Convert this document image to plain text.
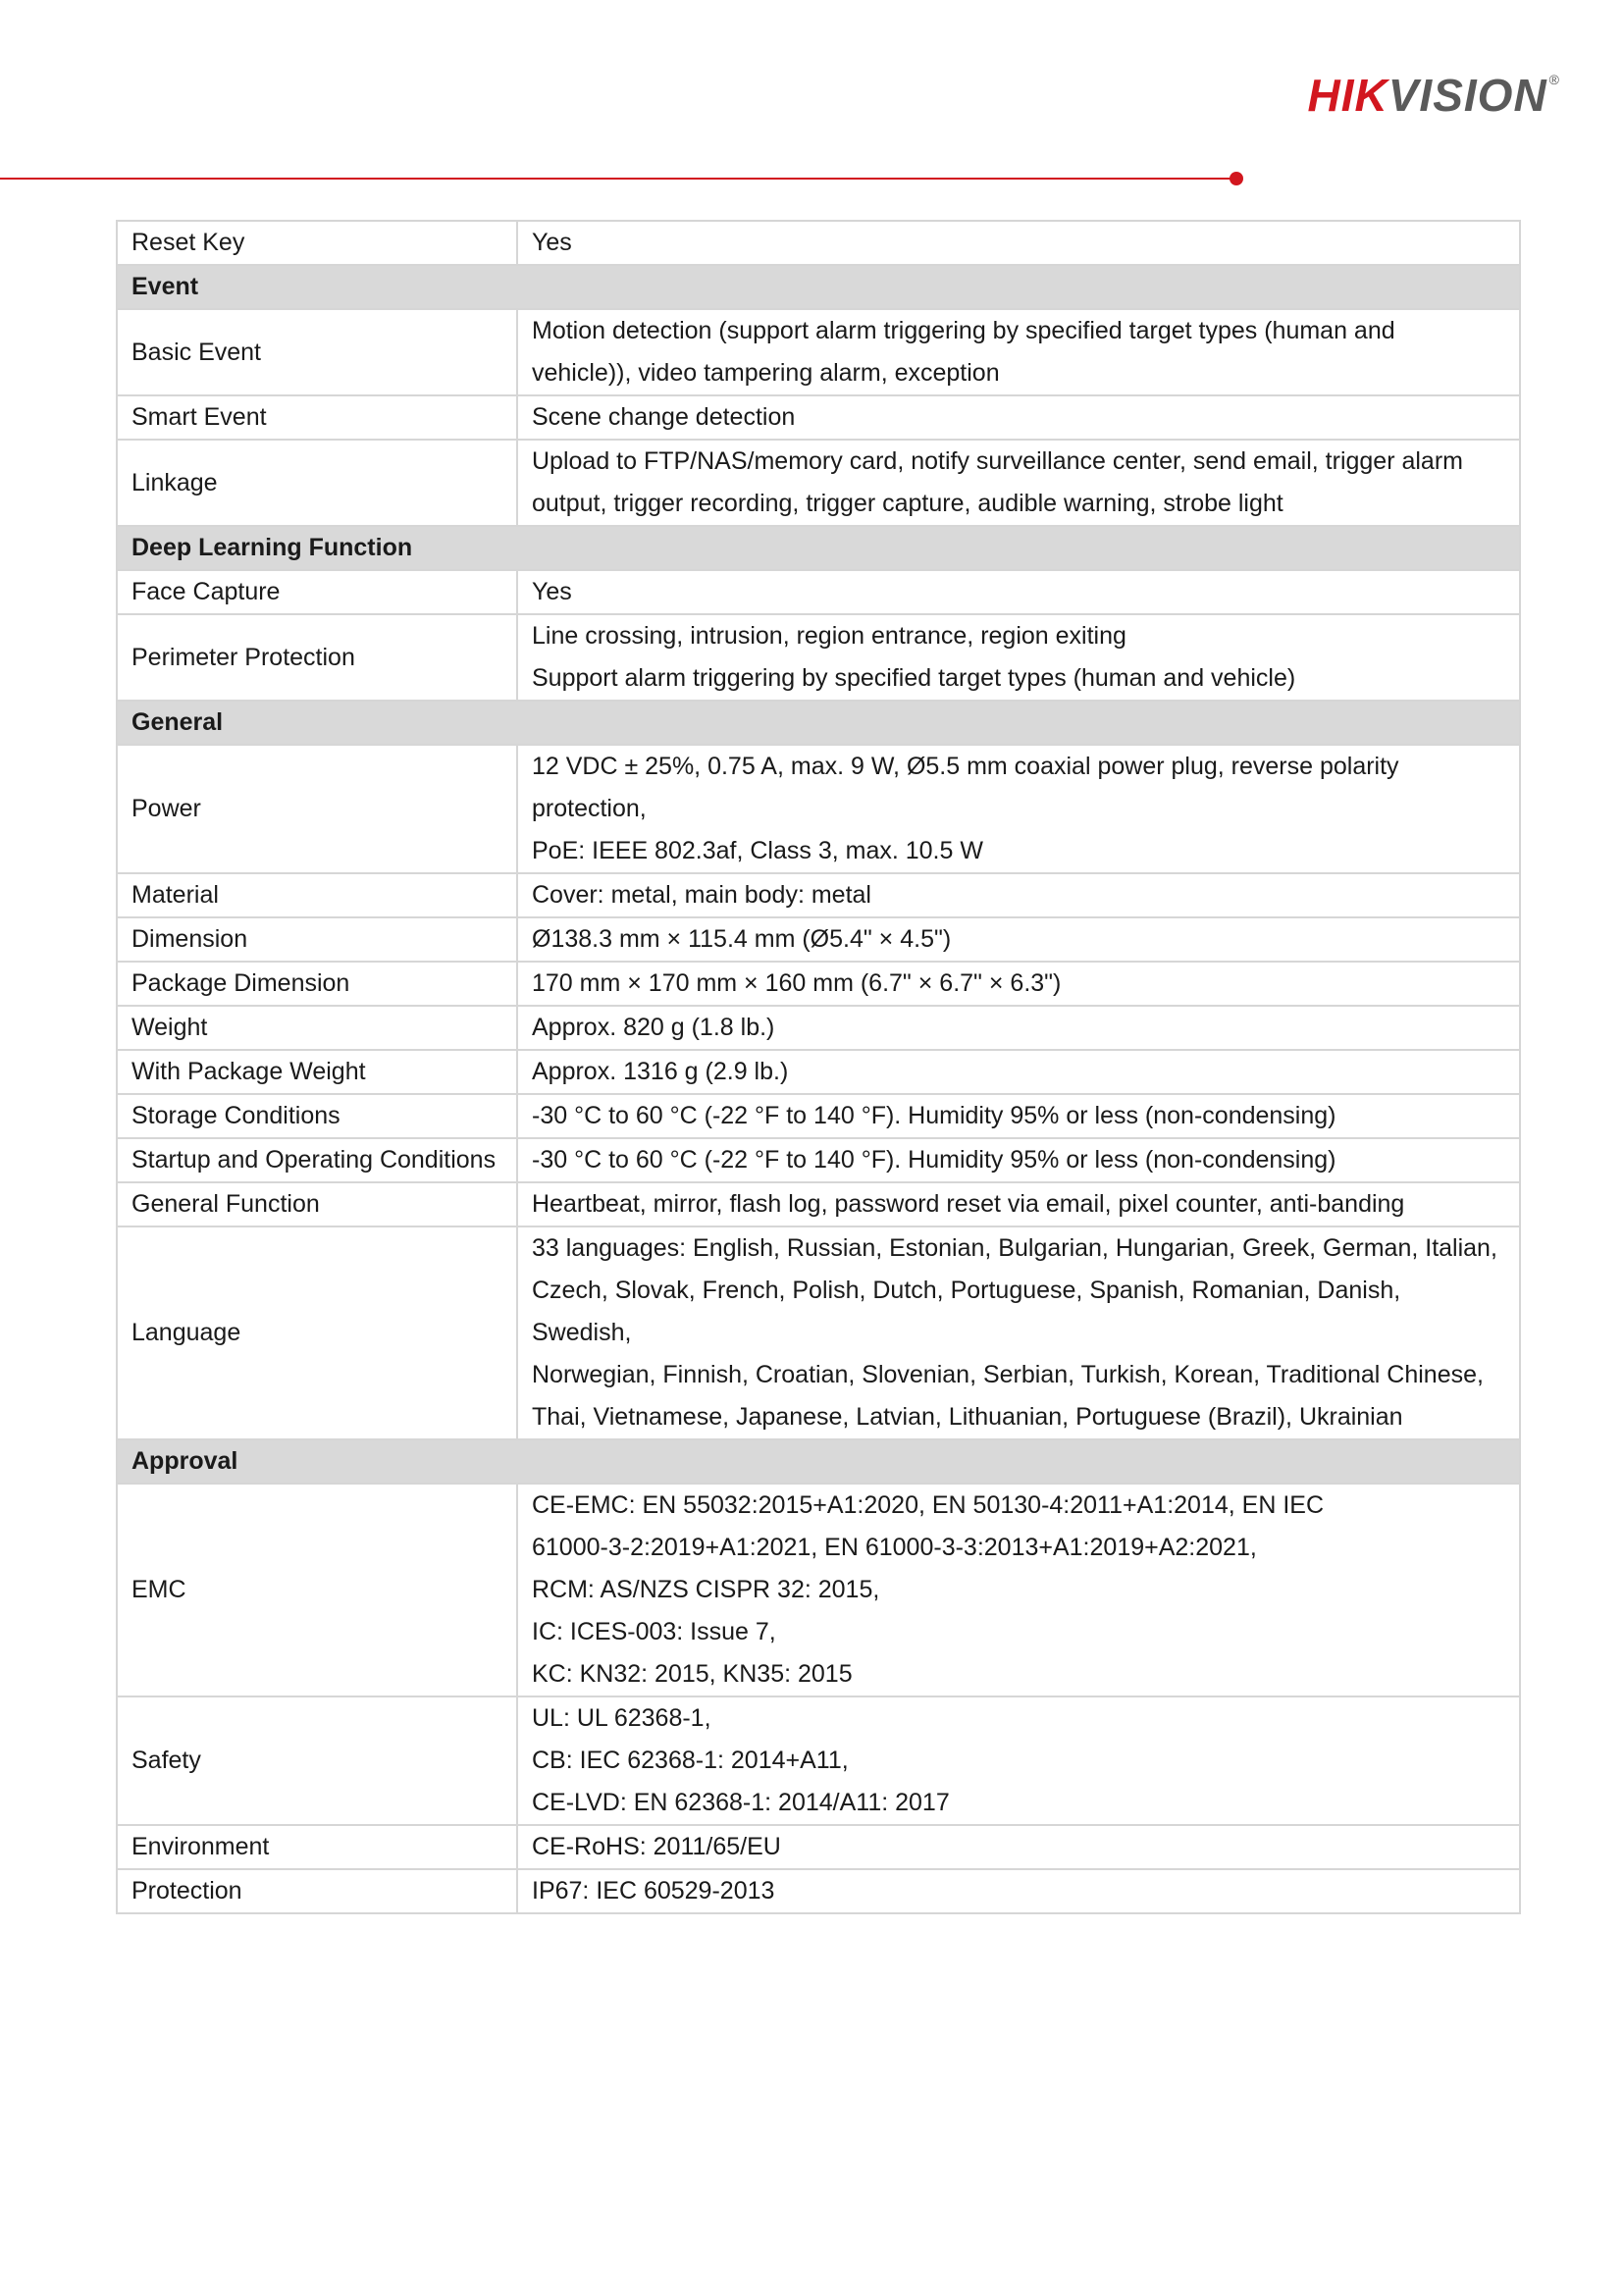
HIKVISION ®
Reset Key	Yes

Event	
Basic Event	Motion detection (support alarm triggering by specified target types (human and
vehicle)), video tampering alarm, exception

Smart Event	Scene change detection

Linkage	Upload to FTP/NAS/memory card, notify surveillance center, send email, trigger alarm
output, trigger recording, trigger capture, audible warning, strobe light

Deep Learning Function	
Face Capture	Yes

Perimeter Protection	Line crossing, intrusion, region entrance, region exiting
Support alarm triggering by specified target types (human and vehicle)

General	
Power	12 VDC ± 25%, 0.75 A, max. 9 W, Ø5.5 mm coaxial power plug, reverse polarity
protection,
PoE: IEEE 802.3af, Class 3, max. 10.5 W

Material	Cover: metal, main body: metal

Dimension	Ø138.3 mm × 115.4 mm (Ø5.4" × 4.5")

Package Dimension	170 mm × 170 mm × 160 mm (6.7" × 6.7" × 6.3")

Weight	Approx. 820 g (1.8 lb.)

With Package Weight	Approx. 1316 g (2.9 lb.)

Storage Conditions	-30 °C to 60 °C (-22 °F to 140 °F). Humidity 95% or less (non-condensing)

Startup and Operating Conditions	-30 °C to 60 °C (-22 °F to 140 °F). Humidity 95% or less (non-condensing)

General Function	Heartbeat, mirror, flash log, password reset via email, pixel counter, anti-banding

Language	33 languages: English, Russian, Estonian, Bulgarian, Hungarian, Greek, German, Italian,
Czech, Slovak, French, Polish, Dutch, Portuguese, Spanish, Romanian, Danish, Swedish,
Norwegian, Finnish, Croatian, Slovenian, Serbian, Turkish, Korean, Traditional Chinese,
Thai, Vietnamese, Japanese, Latvian, Lithuanian, Portuguese (Brazil), Ukrainian

Approval	
EMC	CE-EMC: EN 55032:2015+A1:2020, EN 50130-4:2011+A1:2014, EN IEC
61000-3-2:2019+A1:2021, EN 61000-3-3:2013+A1:2019+A2:2021,
RCM: AS/NZS CISPR 32: 2015,
IC: ICES-003: Issue 7,
KC: KN32: 2015, KN35: 2015

Safety	UL: UL 62368-1,
CB: IEC 62368-1: 2014+A11,
CE-LVD: EN 62368-1: 2014/A11: 2017

Environment	CE-RoHS: 2011/65/EU

Protection	IP67: IEC 60529-2013
